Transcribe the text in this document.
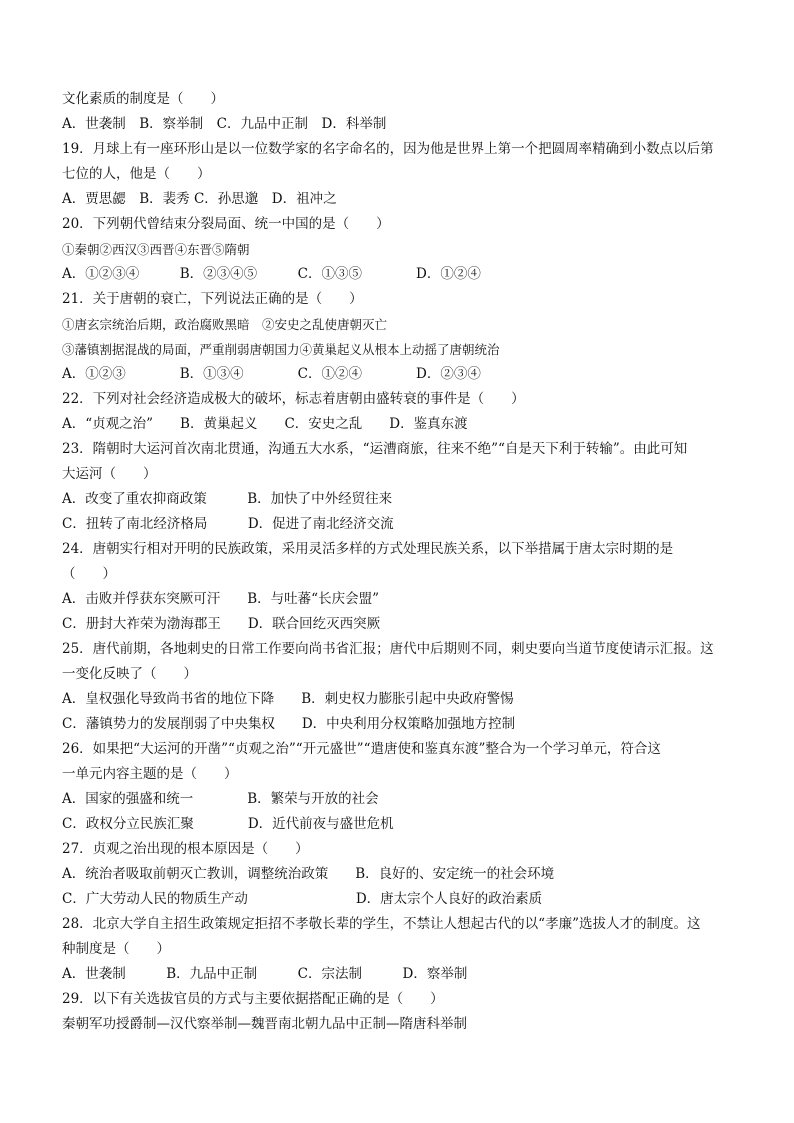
文化素质的制度是（　　）
A．世袭制　B．察举制　C．九品中正制　D．科举制
19．月球上有一座环形山是以一位数学家的名字命名的，因为他是世界上第一个把圆周率精确到小数点以后第
七位的人，他是（　　）
A．贾思勰　B．裴秀 C．孙思邈　D．祖冲之
20．下列朝代曾结束分裂局面、统一中国的是（　　）
①秦朝②西汉③西晋④东晋⑤隋朝
A．①②③④　　　B．②③④⑤　　　C．①③⑤　　　　D．①②④
21．关于唐朝的衰亡，下列说法正确的是（　　）
①唐玄宗统治后期，政治腐败黑暗　②安史之乱使唐朝灭亡
③藩镇割据混战的局面，严重削弱唐朝国力④黄巢起义从根本上动摇了唐朝统治
A．①②③　　　　B．①③④　　　　C．①②④　　　　D．②③④
22．下列对社会经济造成极大的破坏，标志着唐朝由盛转衰的事件是（　　）
A．“贞观之治”　　B．黄巢起义　　C．安史之乱　　D．鉴真东渡
23．隋朝时大运河首次南北贯通，沟通五大水系，“运漕商旅，往来不绝”“自是天下利于转输”。由此可知
大运河（　　）
A．改变了重农抑商政策　　　B．加快了中外经贸往来
C．扭转了南北经济格局　　　D．促进了南北经济交流
24．唐朝实行相对开明的民族政策，采用灵活多样的方式处理民族关系，以下举措属于唐太宗时期的是
（　　）
A．击败并俘获东突厥可汗　　B．与吐蕃“长庆会盟”
C．册封大祚荣为渤海郡王　　D．联合回纥灭西突厥
25．唐代前期，各地刺史的日常工作要向尚书省汇报；唐代中后期则不同，刺史要向当道节度使请示汇报。这
一变化反映了（　　）
A．皇权强化导致尚书省的地位下降　　B．刺史权力膨胀引起中央政府警惕
C．藩镇势力的发展削弱了中央集权　　D．中央利用分权策略加强地方控制
26．如果把“大运河的开凿”“贞观之治”“开元盛世”“遣唐使和鉴真东渡”整合为一个学习单元，符合这
一单元内容主题的是（　　）
A．国家的强盛和统一　　　　B．繁荣与开放的社会
C．政权分立民族汇聚　　　　D．近代前夜与盛世危机
27．贞观之治出现的根本原因是（　　）
A．统治者吸取前朝灭亡教训，调整统治政策　　B．良好的、安定统一的社会环境
C．广大劳动人民的物质生产动　　　　　　　　D．唐太宗个人良好的政治素质
28．北京大学自主招生政策规定拒招不孝敬长辈的学生，不禁让人想起古代的以“孝廉”选拔人才的制度。这
种制度是（　　）
A．世袭制　　　B．九品中正制　　　C．宗法制　　　D．察举制
29．以下有关选拔官员的方式与主要依据搭配正确的是（　　）
秦朝军功授爵制—汉代察举制—魏晋南北朝九品中正制—隋唐科举制
